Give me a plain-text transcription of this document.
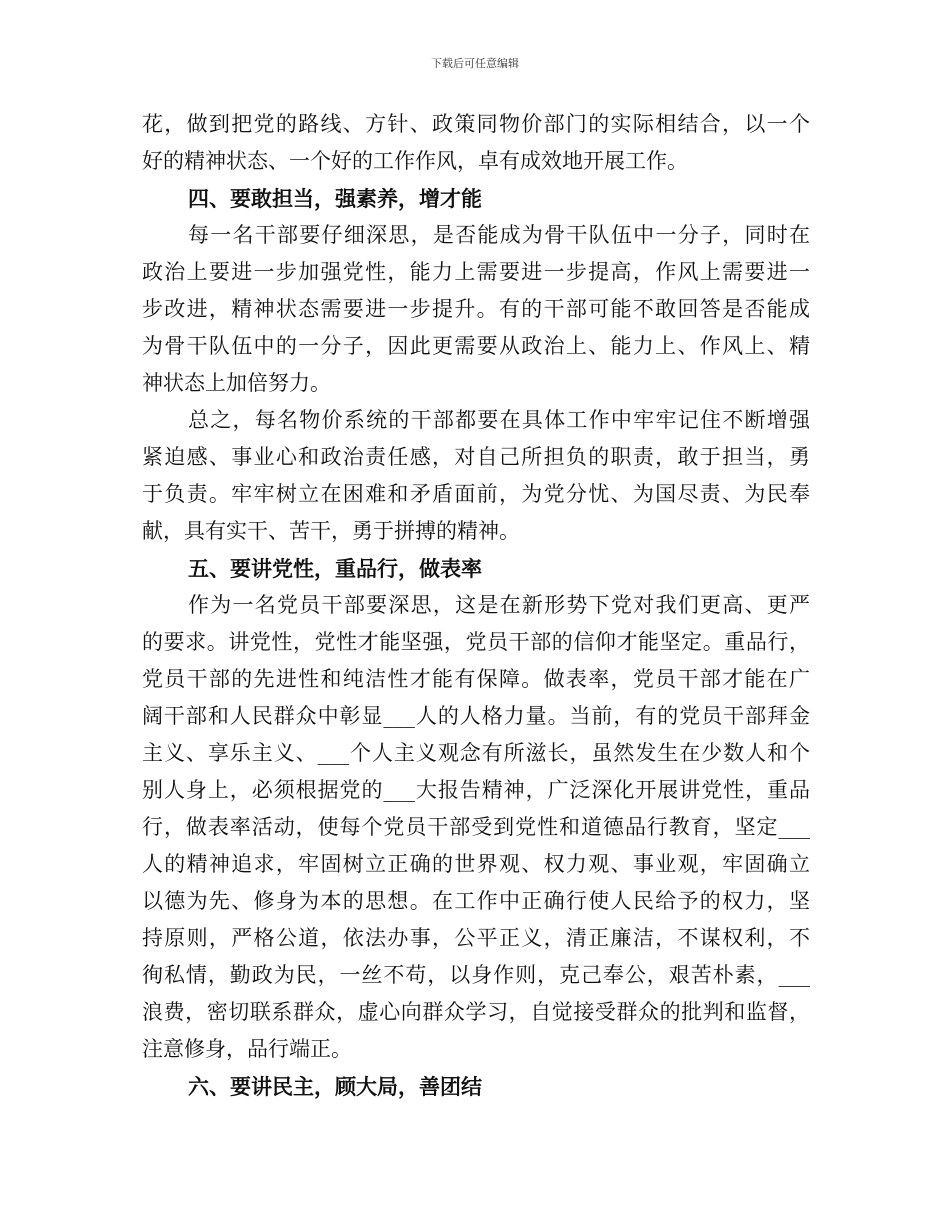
下载后可任意编辑
花，做到把党的路线、方针、政策同物价部门的实际相结合，以一个
好的精神状态、一个好的工作作风，卓有成效地开展工作。
四、要敢担当，强素养，增才能
每一名干部要仔细深思，是否能成为骨干队伍中一分子，同时在
政治上要进一步加强党性，能力上需要进一步提高，作风上需要进一
步改进，精神状态需要进一步提升。有的干部可能不敢回答是否能成
为骨干队伍中的一分子，因此更需要从政治上、能力上、作风上、精
神状态上加倍努力。
总之，每名物价系统的干部都要在具体工作中牢牢记住不断增强
紧迫感、事业心和政治责任感，对自己所担负的职责，敢于担当，勇
于负责。牢牢树立在困难和矛盾面前，为党分忧、为国尽责、为民奉
献，具有实干、苦干，勇于拼搏的精神。
五、要讲党性，重品行，做表率
作为一名党员干部要深思，这是在新形势下党对我们更高、更严
的要求。讲党性，党性才能坚强，党员干部的信仰才能坚定。重品行，
党员干部的先进性和纯洁性才能有保障。做表率，党员干部才能在广
阔干部和人民群众中彰显___人的人格力量。当前，有的党员干部拜金
主义、享乐主义、___个人主义观念有所滋长，虽然发生在少数人和个
别人身上，必须根据党的___大报告精神，广泛深化开展讲党性，重品
行，做表率活动，使每个党员干部受到党性和道德品行教育，坚定___
人的精神追求，牢固树立正确的世界观、权力观、事业观，牢固确立
以德为先、修身为本的思想。在工作中正确行使人民给予的权力，坚
持原则，严格公道，依法办事，公平正义，清正廉洁，不谋权利，不
徇私情，勤政为民，一丝不苟，以身作则，克己奉公，艰苦朴素，___
浪费，密切联系群众，虚心向群众学习，自觉接受群众的批判和监督，
注意修身，品行端正。
六、要讲民主，顾大局，善团结
